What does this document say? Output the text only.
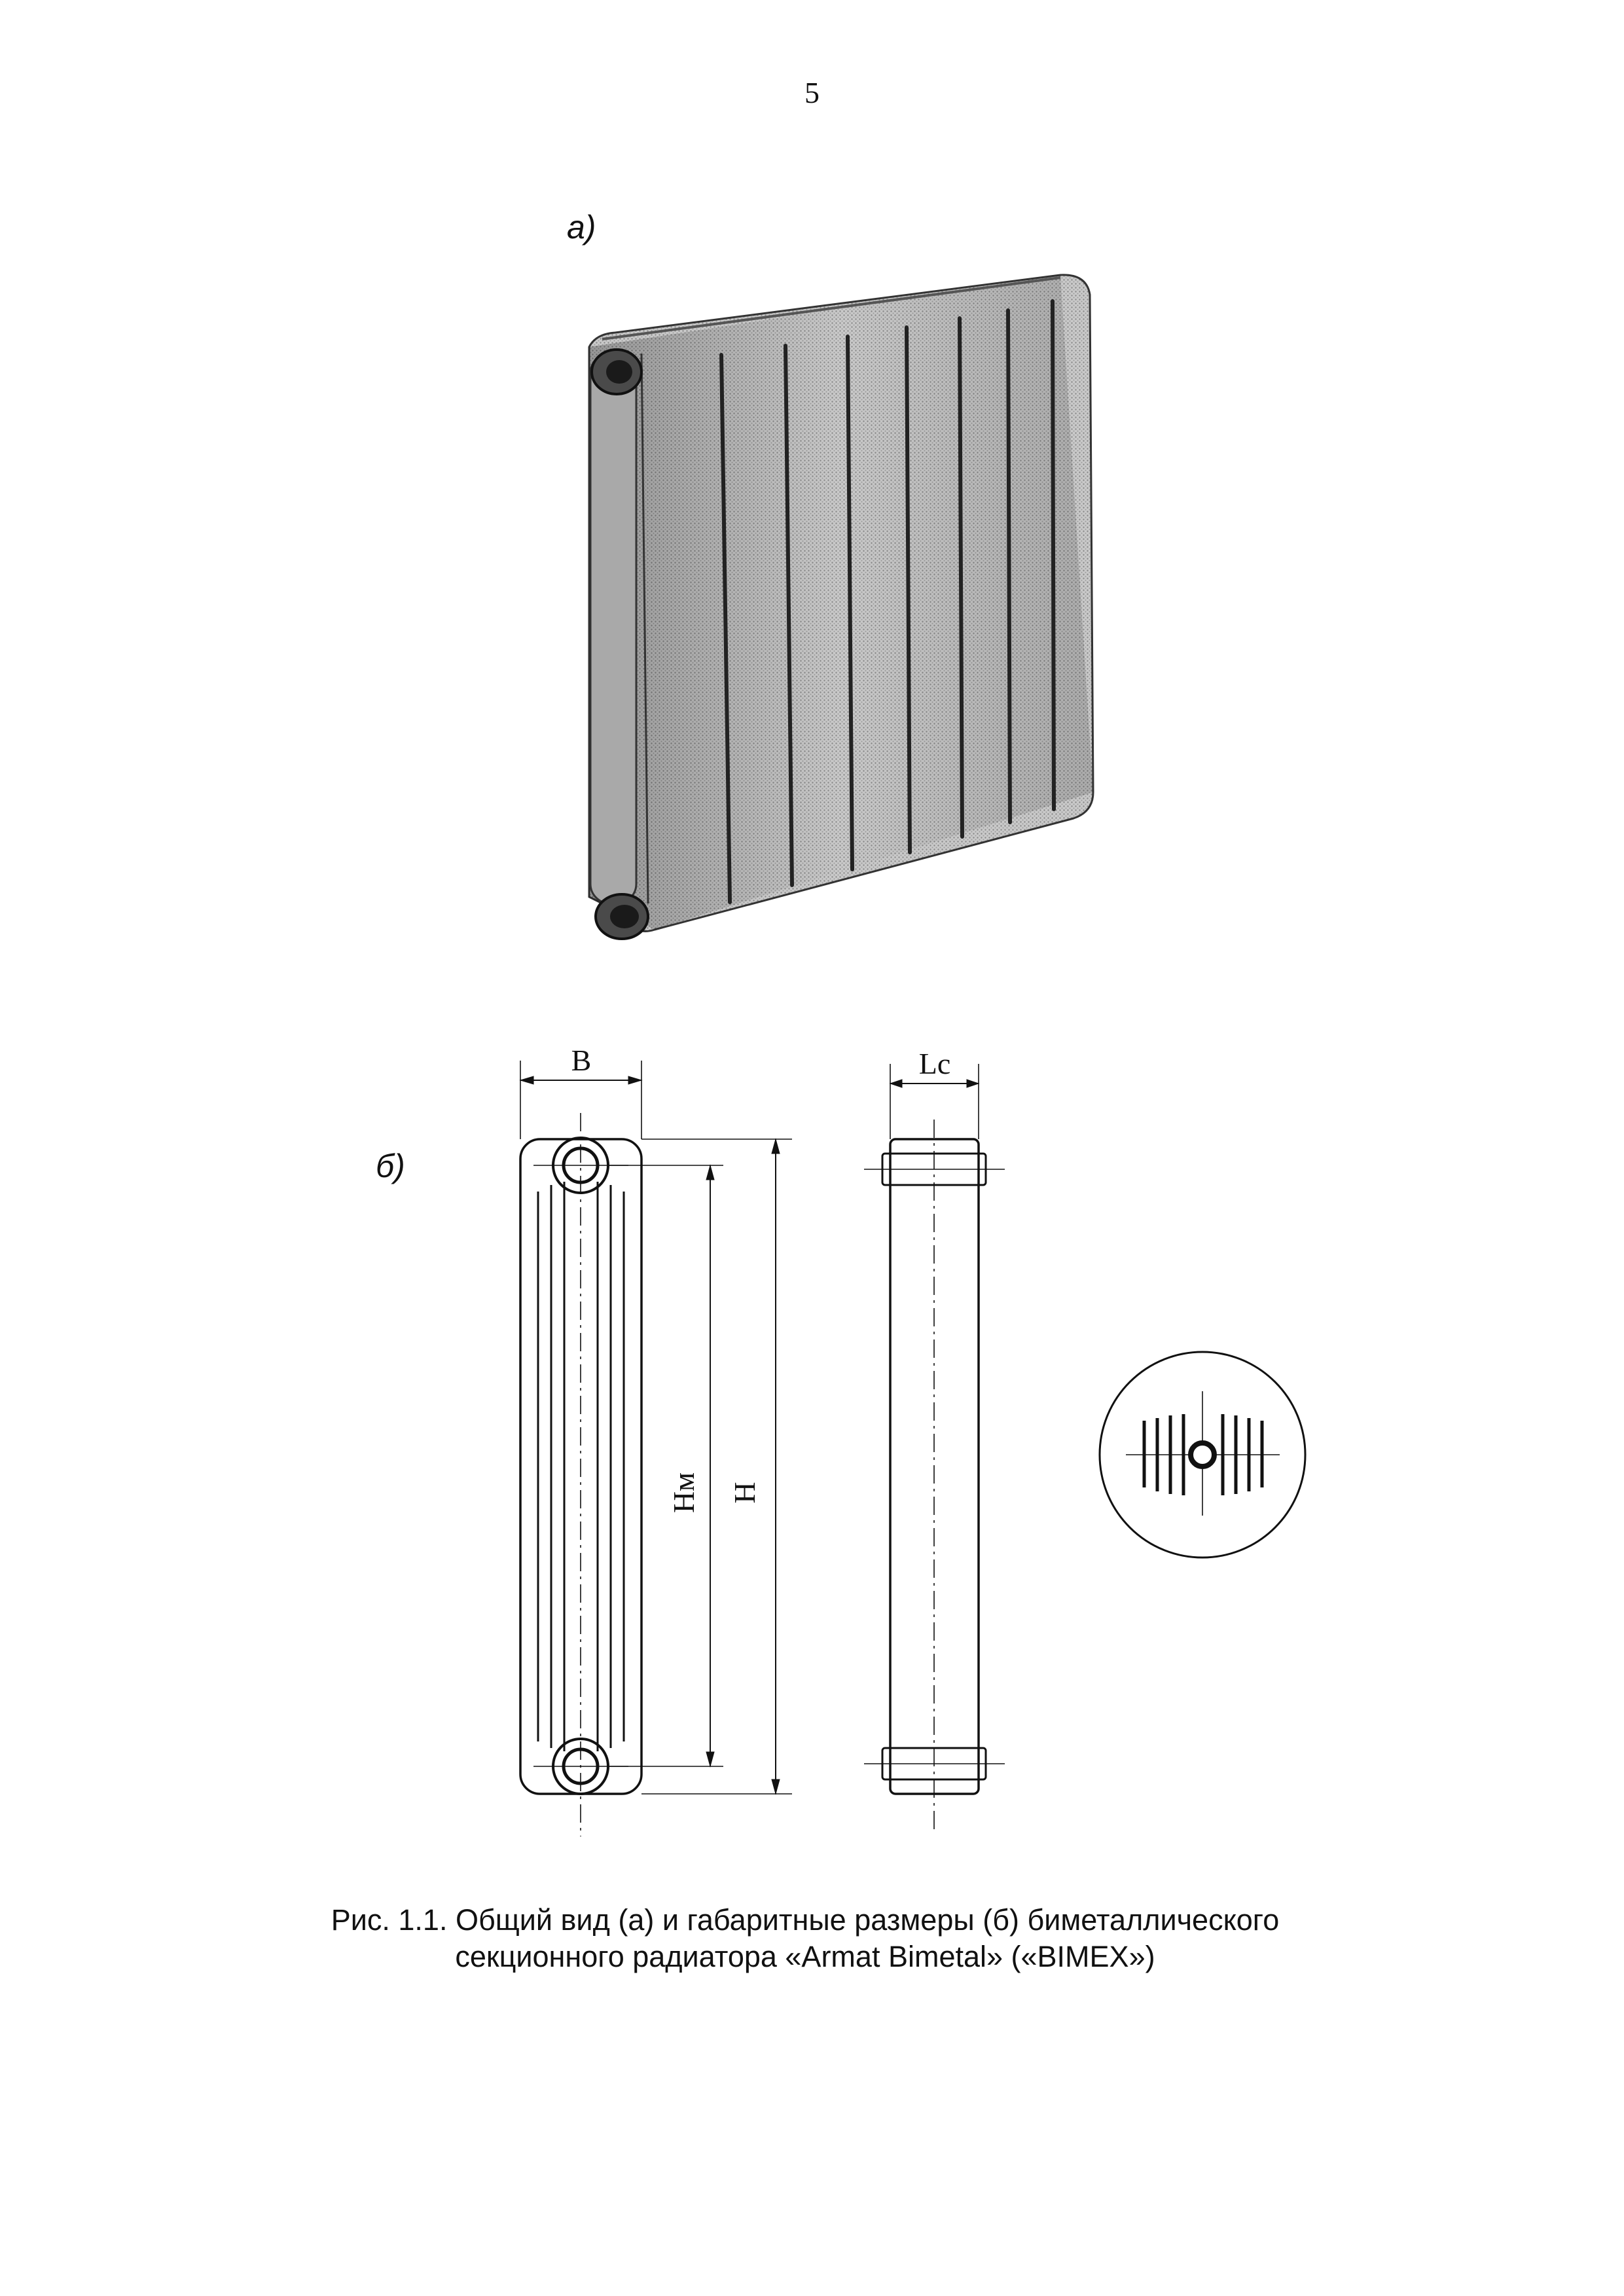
5
а)
б)
B
Hм H
Lc
Рис. 1.1. Общий вид (а) и габаритные размеры (б) биметаллического
секционного радиатора «Armat Bimetal» («BIMEX»)
